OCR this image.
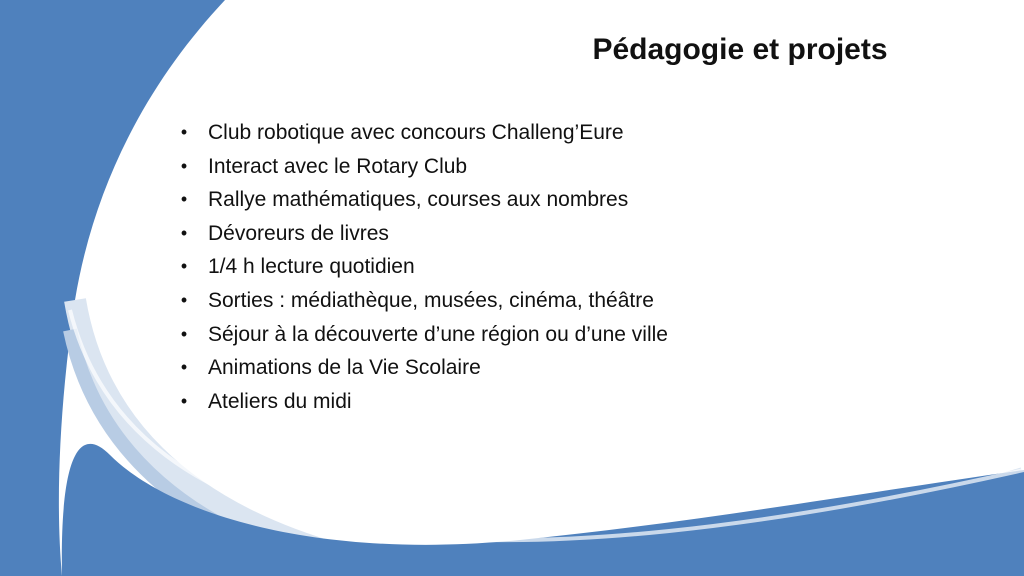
Pédagogie et projets
• Club robotique avec concours Challeng’Eure
• Interact avec le Rotary Club
• Rallye mathématiques, courses aux nombres
• Dévoreurs de livres
• 1/4 h lecture quotidien
• Sorties : médiathèque, musées, cinéma, théâtre
• Séjour à la découverte d’une région ou d’une ville
• Animations de la Vie Scolaire
• Ateliers du midi
